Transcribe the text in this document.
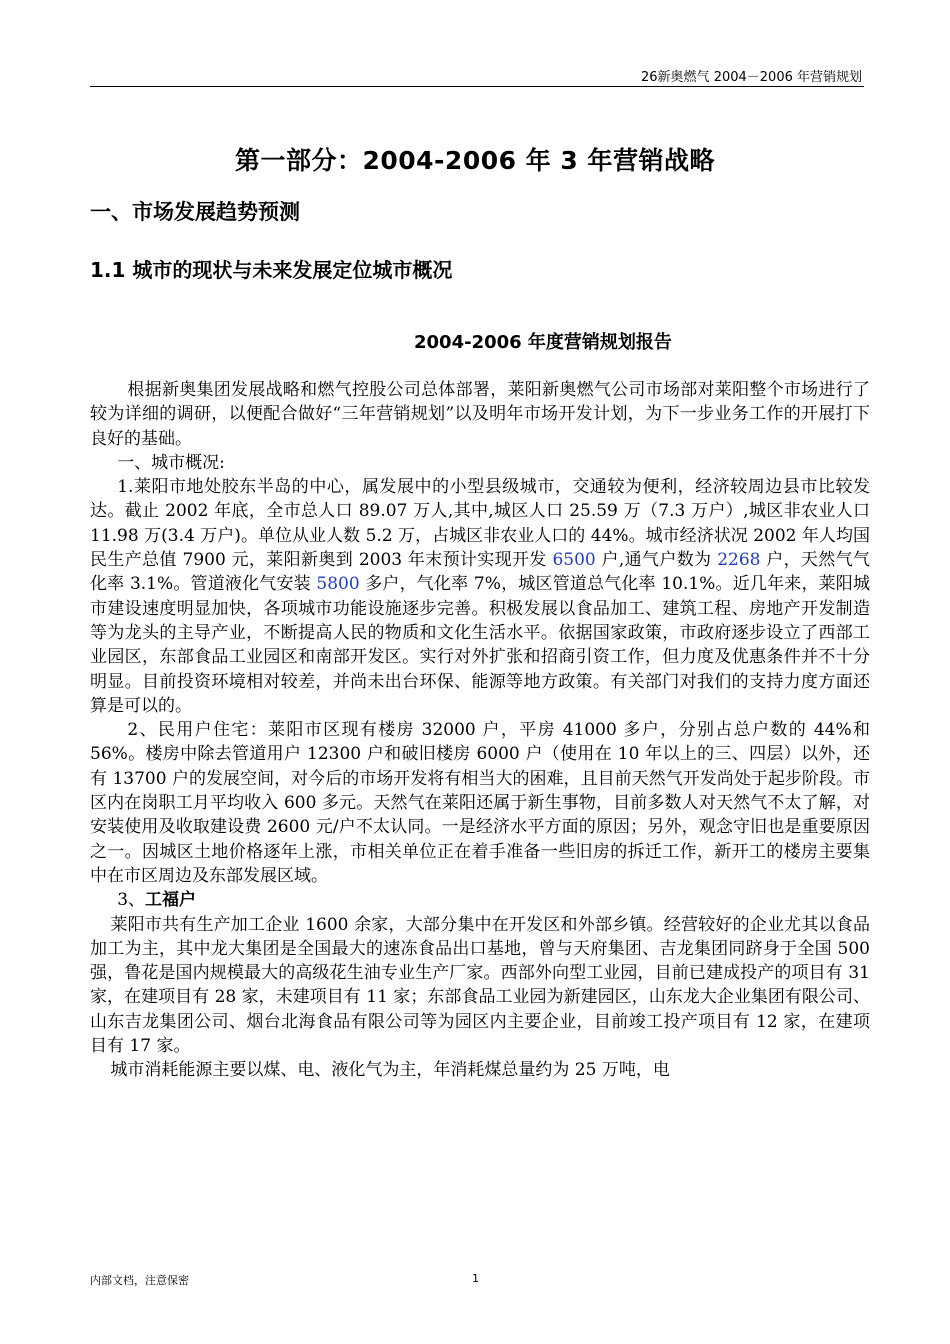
26新奥燃气 2004－2006 年营销规划
第一部分：2004-2006 年 3 年营销战略
一、市场发展趋势预测
1.1 城市的现状与未来发展定位城市概况
2004-2006 年度营销规划报告

根据新奥集团发展战略和燃气控股公司总体部署，莱阳新奥燃气公司市场部对莱阳整个市场进行了较为详细的调研，以便配合做好“三年营销规划”以及明年市场开发计划，为下一步业务工作的开展打下良好的基础。

一、城市概况:

1.莱阳市地处胶东半岛的中心，属发展中的小型县级城市，交通较为便利，经济较周边县市比较发达。截止 2002 年底，全市总人口 89.07 万人,其中,城区人口 25.59 万（7.3 万户）,城区非农业人口 11.98 万(3.4 万户)。单位从业人数 5.2 万，占城区非农业人口的 44%。城市经济状况 2002 年人均国民生产总值 7900 元，莱阳新奥到 2003 年末预计实现开发 6500 户,通气户数为 2268 户，天然气气化率 3.1%。管道液化气安装 5800 多户，气化率 7%，城区管道总气化率 10.1%。近几年来，莱阳城市建设速度明显加快，各项城市功能设施逐步完善。积极发展以食品加工、建筑工程、房地产开发制造等为龙头的主导产业，不断提高人民的物质和文化生活水平。依据国家政策，市政府逐步设立了西部工业园区，东部食品工业园区和南部开发区。实行对外扩张和招商引资工作，但力度及优惠条件并不十分明显。目前投资环境相对较差，并尚未出台环保、能源等地方政策。有关部门对我们的支持力度方面还算是可以的。

2、民用户住宅：莱阳市区现有楼房 32000 户，平房 41000 多户，分别占总户数的 44%和 56%。楼房中除去管道用户 12300 户和破旧楼房 6000 户（使用在 10 年以上的三、四层）以外，还有 13700 户的发展空间，对今后的市场开发将有相当大的困难，且目前天然气开发尚处于起步阶段。市区内在岗职工月平均收入 600 多元。天然气在莱阳还属于新生事物，目前多数人对天然气不太了解，对安装使用及收取建设费 2600 元/户不太认同。一是经济水平方面的原因；另外，观念守旧也是重要原因之一。因城区土地价格逐年上涨，市相关单位正在着手准备一些旧房的拆迁工作，新开工的楼房主要集中在市区周边及东部发展区域。

3、工福户

莱阳市共有生产加工企业 1600 余家，大部分集中在开发区和外部乡镇。经营较好的企业尤其以食品加工为主，其中龙大集团是全国最大的速冻食品出口基地，曾与天府集团、吉龙集团同跻身于全国 500 强，鲁花是国内规模最大的高级花生油专业生产厂家。西部外向型工业园，目前已建成投产的项目有 31 家，在建项目有 28 家，未建项目有 11 家；东部食品工业园为新建园区，山东龙大企业集团有限公司、山东吉龙集团公司、烟台北海食品有限公司等为园区内主要企业，目前竣工投产项目有 12 家，在建项目有 17 家。

城市消耗能源主要以煤、电、液化气为主，年消耗煤总量约为 25 万吨，电

内部文档，注意保密	1
